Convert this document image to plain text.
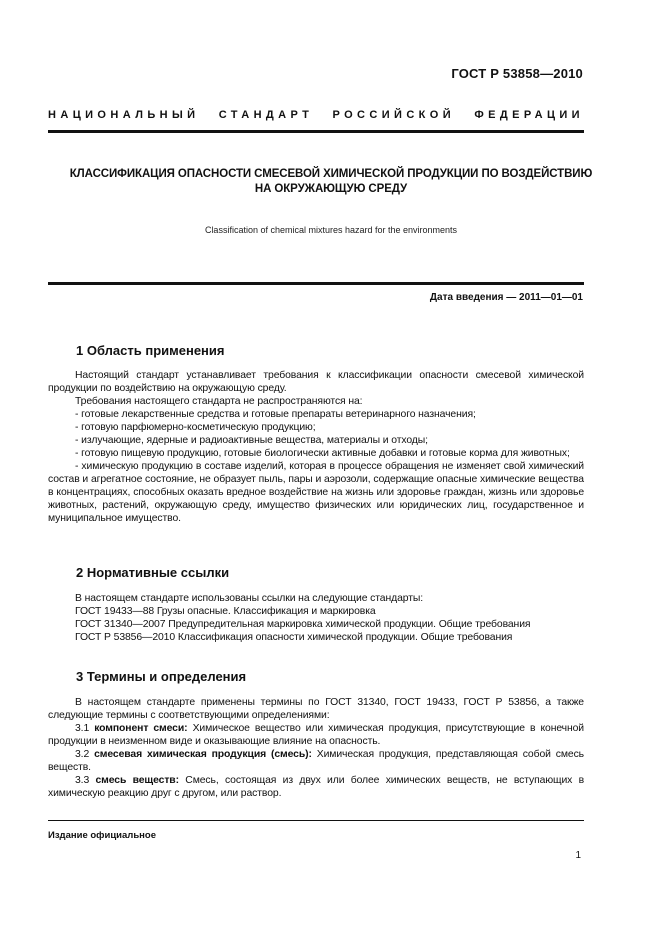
ГОСТ Р 53858—2010
НАЦИОНАЛЬНЫЙ СТАНДАРТ РОССИЙСКОЙ ФЕДЕРАЦИИ
КЛАССИФИКАЦИЯ ОПАСНОСТИ СМЕСЕВОЙ ХИМИЧЕСКОЙ ПРОДУКЦИИ ПО ВОЗДЕЙСТВИЮ
НА ОКРУЖАЮЩУЮ СРЕДУ
Classification of chemical mixtures hazard for the environments
Дата введения — 2011—01—01
1 Область применения

Настоящий стандарт устанавливает требования к классификации опасности смесевой химической продукции по воздействию на окружающую среду.

Требования настоящего стандарта не распространяются на:

- готовые лекарственные средства и готовые препараты ветеринарного назначения;

- готовую парфюмерно-косметическую продукцию;

- излучающие, ядерные и радиоактивные вещества, материалы и отходы;

- готовую пищевую продукцию, готовые биологически активные добавки и готовые корма для животных;

- химическую продукцию в составе изделий, которая в процессе обращения не изменяет свой химический состав и агрегатное состояние, не образует пыль, пары и аэрозоли, содержащие опасные химические вещества в концентрациях, способных оказать вредное воздействие на жизнь или здоровье граждан, жизнь или здоровье животных, растений, окружающую среду, имущество физических или юридических лиц, государственное и муниципальное имущество.

2 Нормативные ссылки

В настоящем стандарте использованы ссылки на следующие стандарты:

ГОСТ 19433—88 Грузы опасные. Классификация и маркировка

ГОСТ 31340—2007 Предупредительная маркировка химической продукции. Общие требования

ГОСТ Р 53856—2010 Классификация опасности химической продукции. Общие требования

3 Термины и определения

В настоящем стандарте применены термины по ГОСТ 31340, ГОСТ 19433, ГОСТ Р 53856, а также следующие термины с соответствующими определениями:

3.1 компонент смеси: Химическое вещество или химическая продукция, присутствующие в конечной продукции в неизменном виде и оказывающие влияние на опасность.

3.2 смесевая химическая продукция (смесь): Химическая продукция, представляющая собой смесь веществ.

3.3 смесь веществ: Смесь, состоящая из двух или более химических веществ, не вступающих в химическую реакцию друг с другом, или раствор.

Издание официальное
1
